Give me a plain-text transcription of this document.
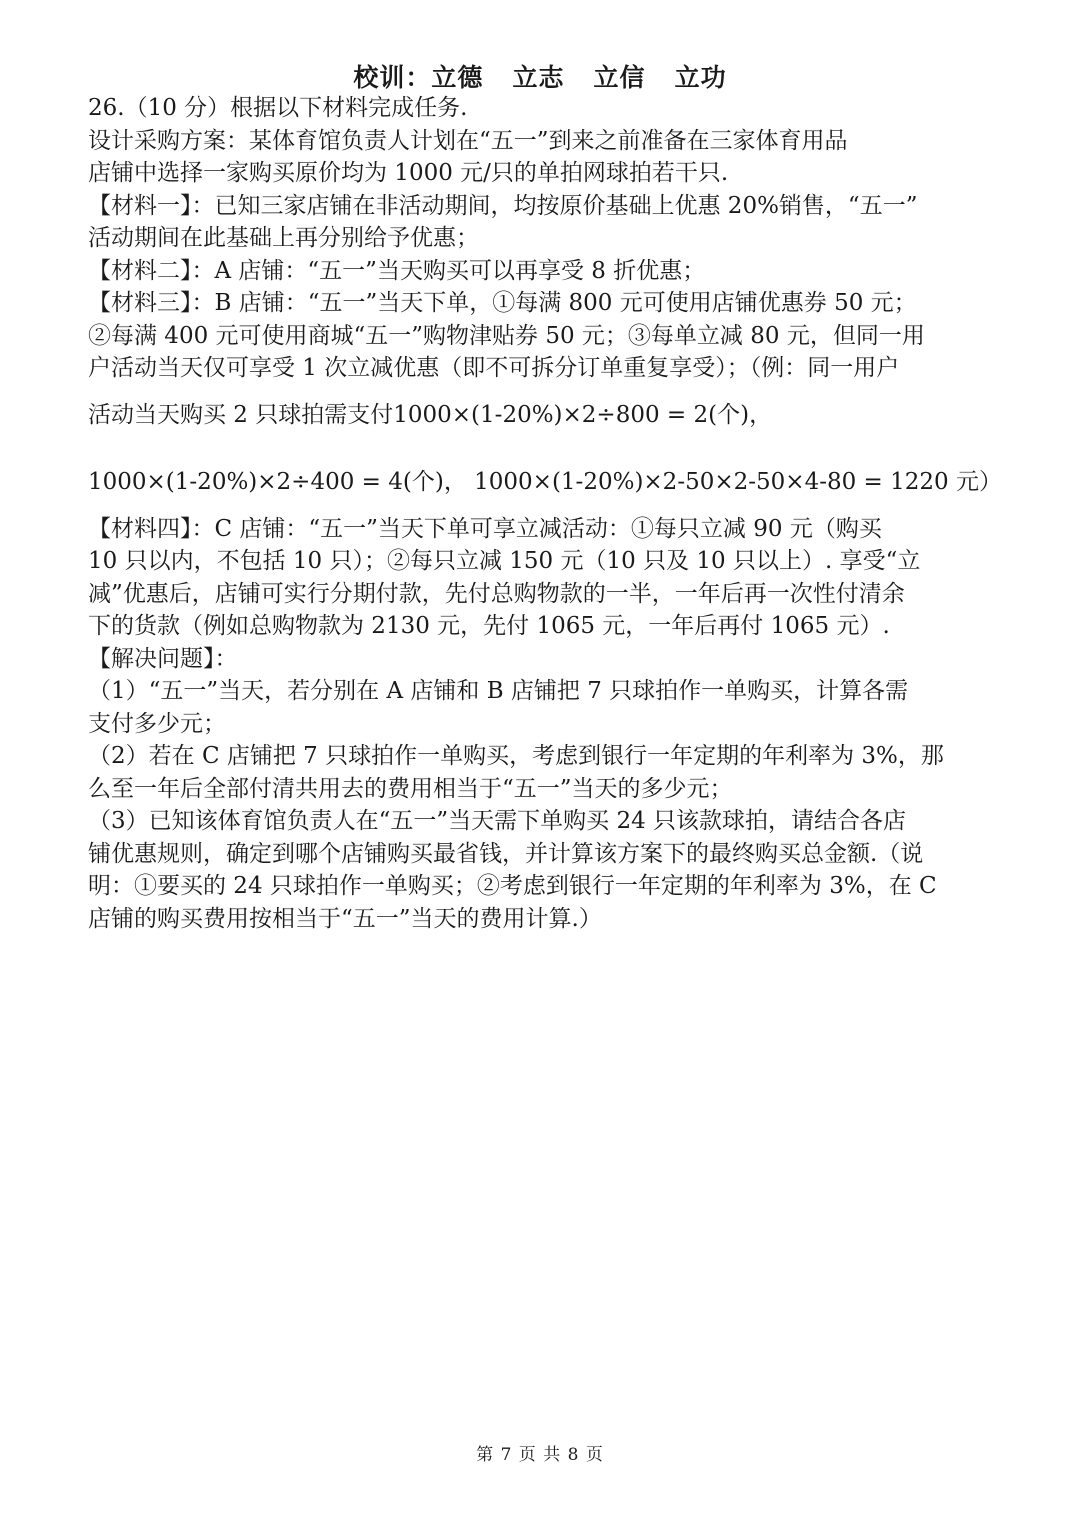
校训：立德   立志   立信   立功
26.（10 分）根据以下材料完成任务.
设计采购方案：某体育馆负责人计划在“五一”到来之前准备在三家体育用品
店铺中选择一家购买原价均为 1000 元/只的单拍网球拍若干只.
【材料一】：已知三家店铺在非活动期间，均按原价基础上优惠 20%销售，“五一”
活动期间在此基础上再分别给予优惠；
【材料二】：A 店铺：“五一”当天购买可以再享受 8 折优惠；
【材料三】：B 店铺：“五一”当天下单，①每满 800 元可使用店铺优惠券 50 元；
②每满 400 元可使用商城“五一”购物津贴券 50 元；③每单立减 80 元，但同一用
户活动当天仅可享受 1 次立减优惠（即不可拆分订单重复享受）；（例：同一用户
活动当天购买 2 只球拍需支付1000×(1-20%)×2÷800 = 2(个)，
1000×(1-20%)×2÷400 = 4(个)， 1000×(1-20%)×2-50×2-50×4-80 = 1220 元）
【材料四】：C 店铺：“五一”当天下单可享立减活动：①每只立减 90 元（购买
10 只以内，不包括 10 只）；②每只立减 150 元（10 只及 10 只以上）. 享受“立
减”优惠后，店铺可实行分期付款，先付总购物款的一半，一年后再一次性付清余
下的货款（例如总购物款为 2130 元，先付 1065 元，一年后再付 1065 元）.
【解决问题】：
（1）“五一”当天，若分别在 A 店铺和 B 店铺把 7 只球拍作一单购买，计算各需
支付多少元；
（2）若在 C 店铺把 7 只球拍作一单购买，考虑到银行一年定期的年利率为 3%，那
么至一年后全部付清共用去的费用相当于“五一”当天的多少元；
（3）已知该体育馆负责人在“五一”当天需下单购买 24 只该款球拍，请结合各店
铺优惠规则，确定到哪个店铺购买最省钱，并计算该方案下的最终购买总金额.（说
明：①要买的 24 只球拍作一单购买；②考虑到银行一年定期的年利率为 3%，在 C
店铺的购买费用按相当于“五一”当天的费用计算.）
第 7 页 共 8 页
